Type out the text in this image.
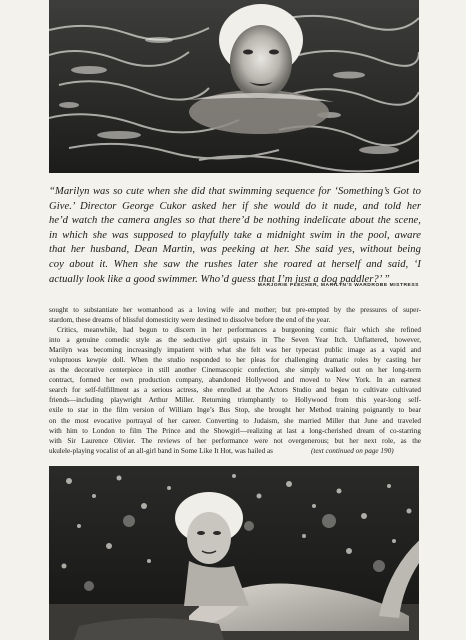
“Marilyn was so cute when she did that swimming sequence for ‘Something’s Got to
Give.’ Director George Cukor asked her if she would do it nude, and told her
he’d watch the camera angles so that there’d be nothing indelicate about the scene,
in which she was supposed to playfully take a midnight swim in the pool, aware
that her husband, Dean Martin, was peeking at her. She said yes, without being
coy about it. When she saw the rushes later she roared at herself and said, ‘I
actually look like a good swimmer. Who’d guess that I’m just a dog paddler?’ ”
MARJORIE PLECHER, MARILYN’S WARDROBE MISTRESS
sought to substantiate her womanhood as a loving wife and mother; but pre-empted by the pressures of super-
stardom, these dreams of blissful domesticity were destined to dissolve before the end of the year.
Critics, meanwhile, had begun to discern in her performances a burgeoning comic flair which she refined
into a genuine comedic style as the seductive girl upstairs in The Seven Year Itch. Unflattered, however,
Marilyn was becoming increasingly impatient with what she felt was her typecast public image as a vapid and
voluptuous kewpie doll. When the studio responded to her pleas for challenging dramatic roles by casting her
as the decorative centerpiece in still another Cinemascopic confection, she simply walked out on her long-term
contract, formed her own production company, abandoned Hollywood and moved to New York. In an earnest
search for self-fulfillment as a serious actress, she enrolled at the Actors Studio and began to cultivate cultivated
friends—including playwright Arthur Miller. Returning triumphantly to Hollywood from this year-long self-
exile to star in the film version of William Inge’s Bus Stop, she brought her Method training poignantly to bear
on the most evocative portrayal of her career. Converting to Judaism, she married Miller that June and traveled
with him to London to film The Prince and the Showgirl—realizing at last a long-cherished dream of co-starring
with Sir Laurence Olivier. The reviews of her performance were not overgenerous; but her next role, as the
ukulele-playing vocalist of an all-girl band in Some Like It Hot, was hailed as	(text continued on page 190)
